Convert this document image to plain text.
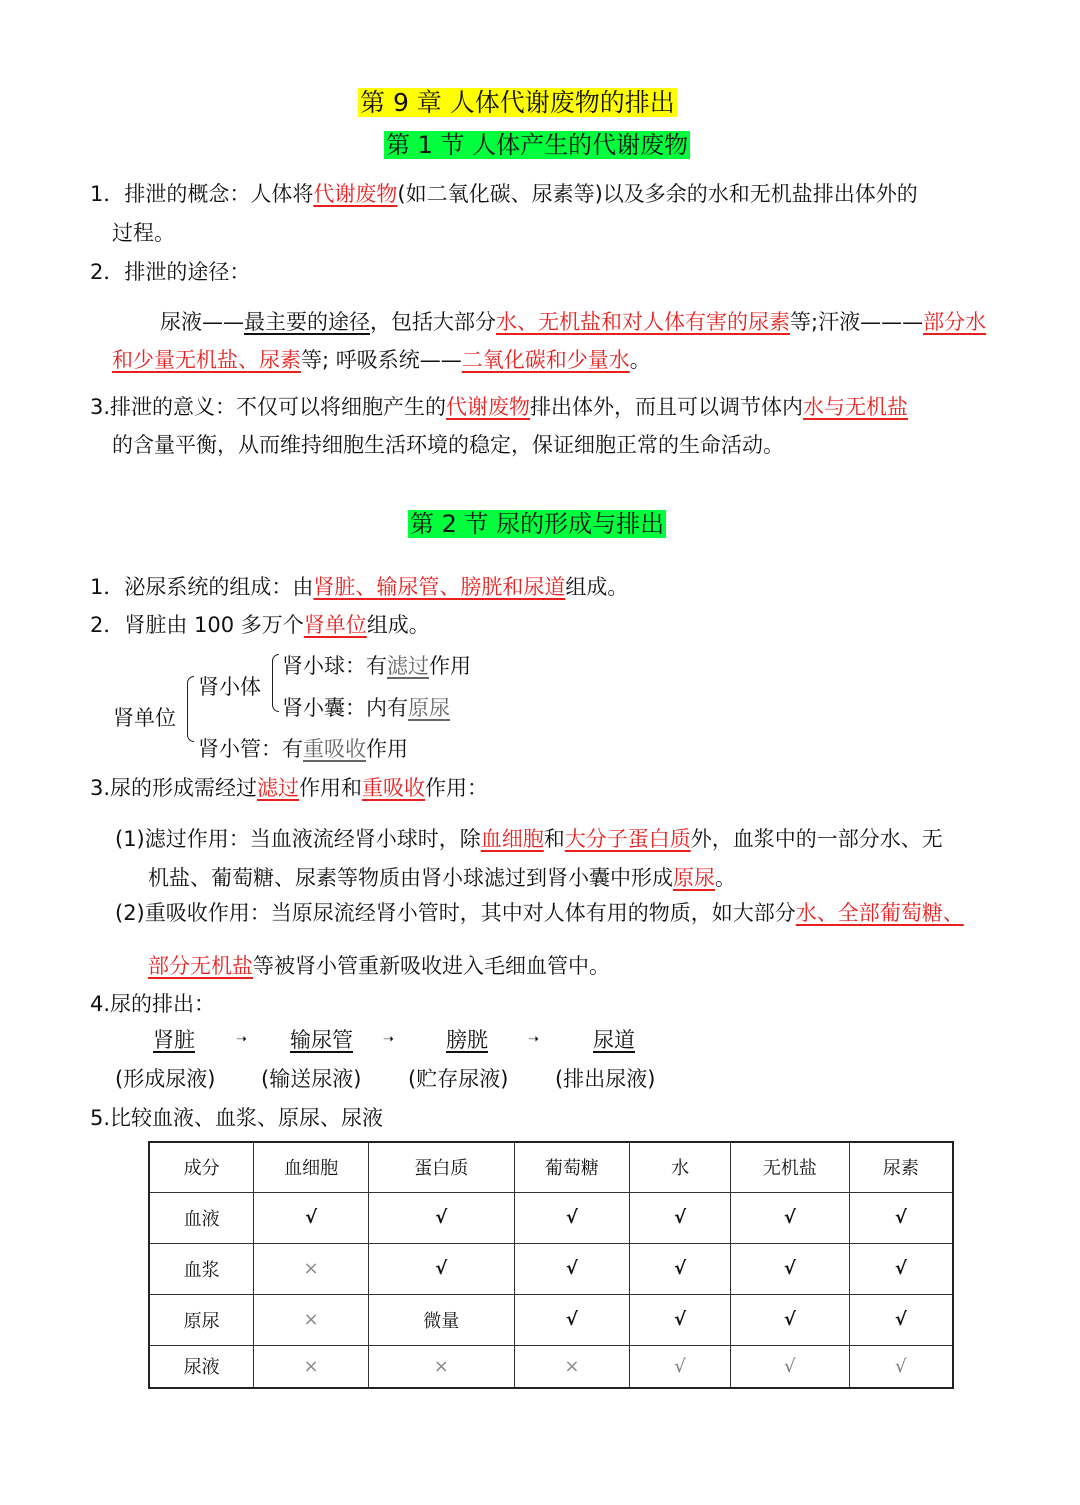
第 9 章 人体代谢废物的排出
第 1 节 人体产生的代谢废物
1．排泄的概念：人体将代谢废物(如二氧化碳、尿素等)以及多余的水和无机盐排出体外的
过程。
2．排泄的途径：
尿液——最主要的途径，包括大部分水、无机盐和对人体有害的尿素等;汗液———部分水
和少量无机盐、尿素等; 呼吸系统——二氧化碳和少量水。
3.排泄的意义：不仅可以将细胞产生的代谢废物排出体外，而且可以调节体内水与无机盐
的含量平衡，从而维持细胞生活环境的稳定，保证细胞正常的生命活动。
第 2 节 尿的形成与排出
1．泌尿系统的组成：由肾脏、输尿管、膀胱和尿道组成。
2．肾脏由 100 多万个肾单位组成。
肾单位
肾小体
肾小球：有滤过作用
肾小囊：内有原尿
肾小管：有重吸收作用
3.尿的形成需经过滤过作用和重吸收作用：
(1)滤过作用：当血液流经肾小球时，除血细胞和大分子蛋白质外，血浆中的一部分水、无
机盐、葡萄糖、尿素等物质由肾小球滤过到肾小囊中形成原尿。
(2)重吸收作用：当原尿流经肾小管时，其中对人体有用的物质，如大部分水、全部葡萄糖、
部分无机盐等被肾小管重新吸收进入毛细血管中。
4.尿的排出：
肾脏	➝ 输尿管 ➝ 膀胱	➝	尿道
(形成尿液) (输送尿液) (贮存尿液) (排出尿液)
5.比较血液、血浆、原尿、尿液
成分	血细胞	蛋白质	葡萄糖	水	无机盐	尿素
血液	√	√	√	√	√	√
血浆	×	√	√	√	√	√
原尿	×	微量	√	√	√	√
尿液	×	×	×	√	√	√
